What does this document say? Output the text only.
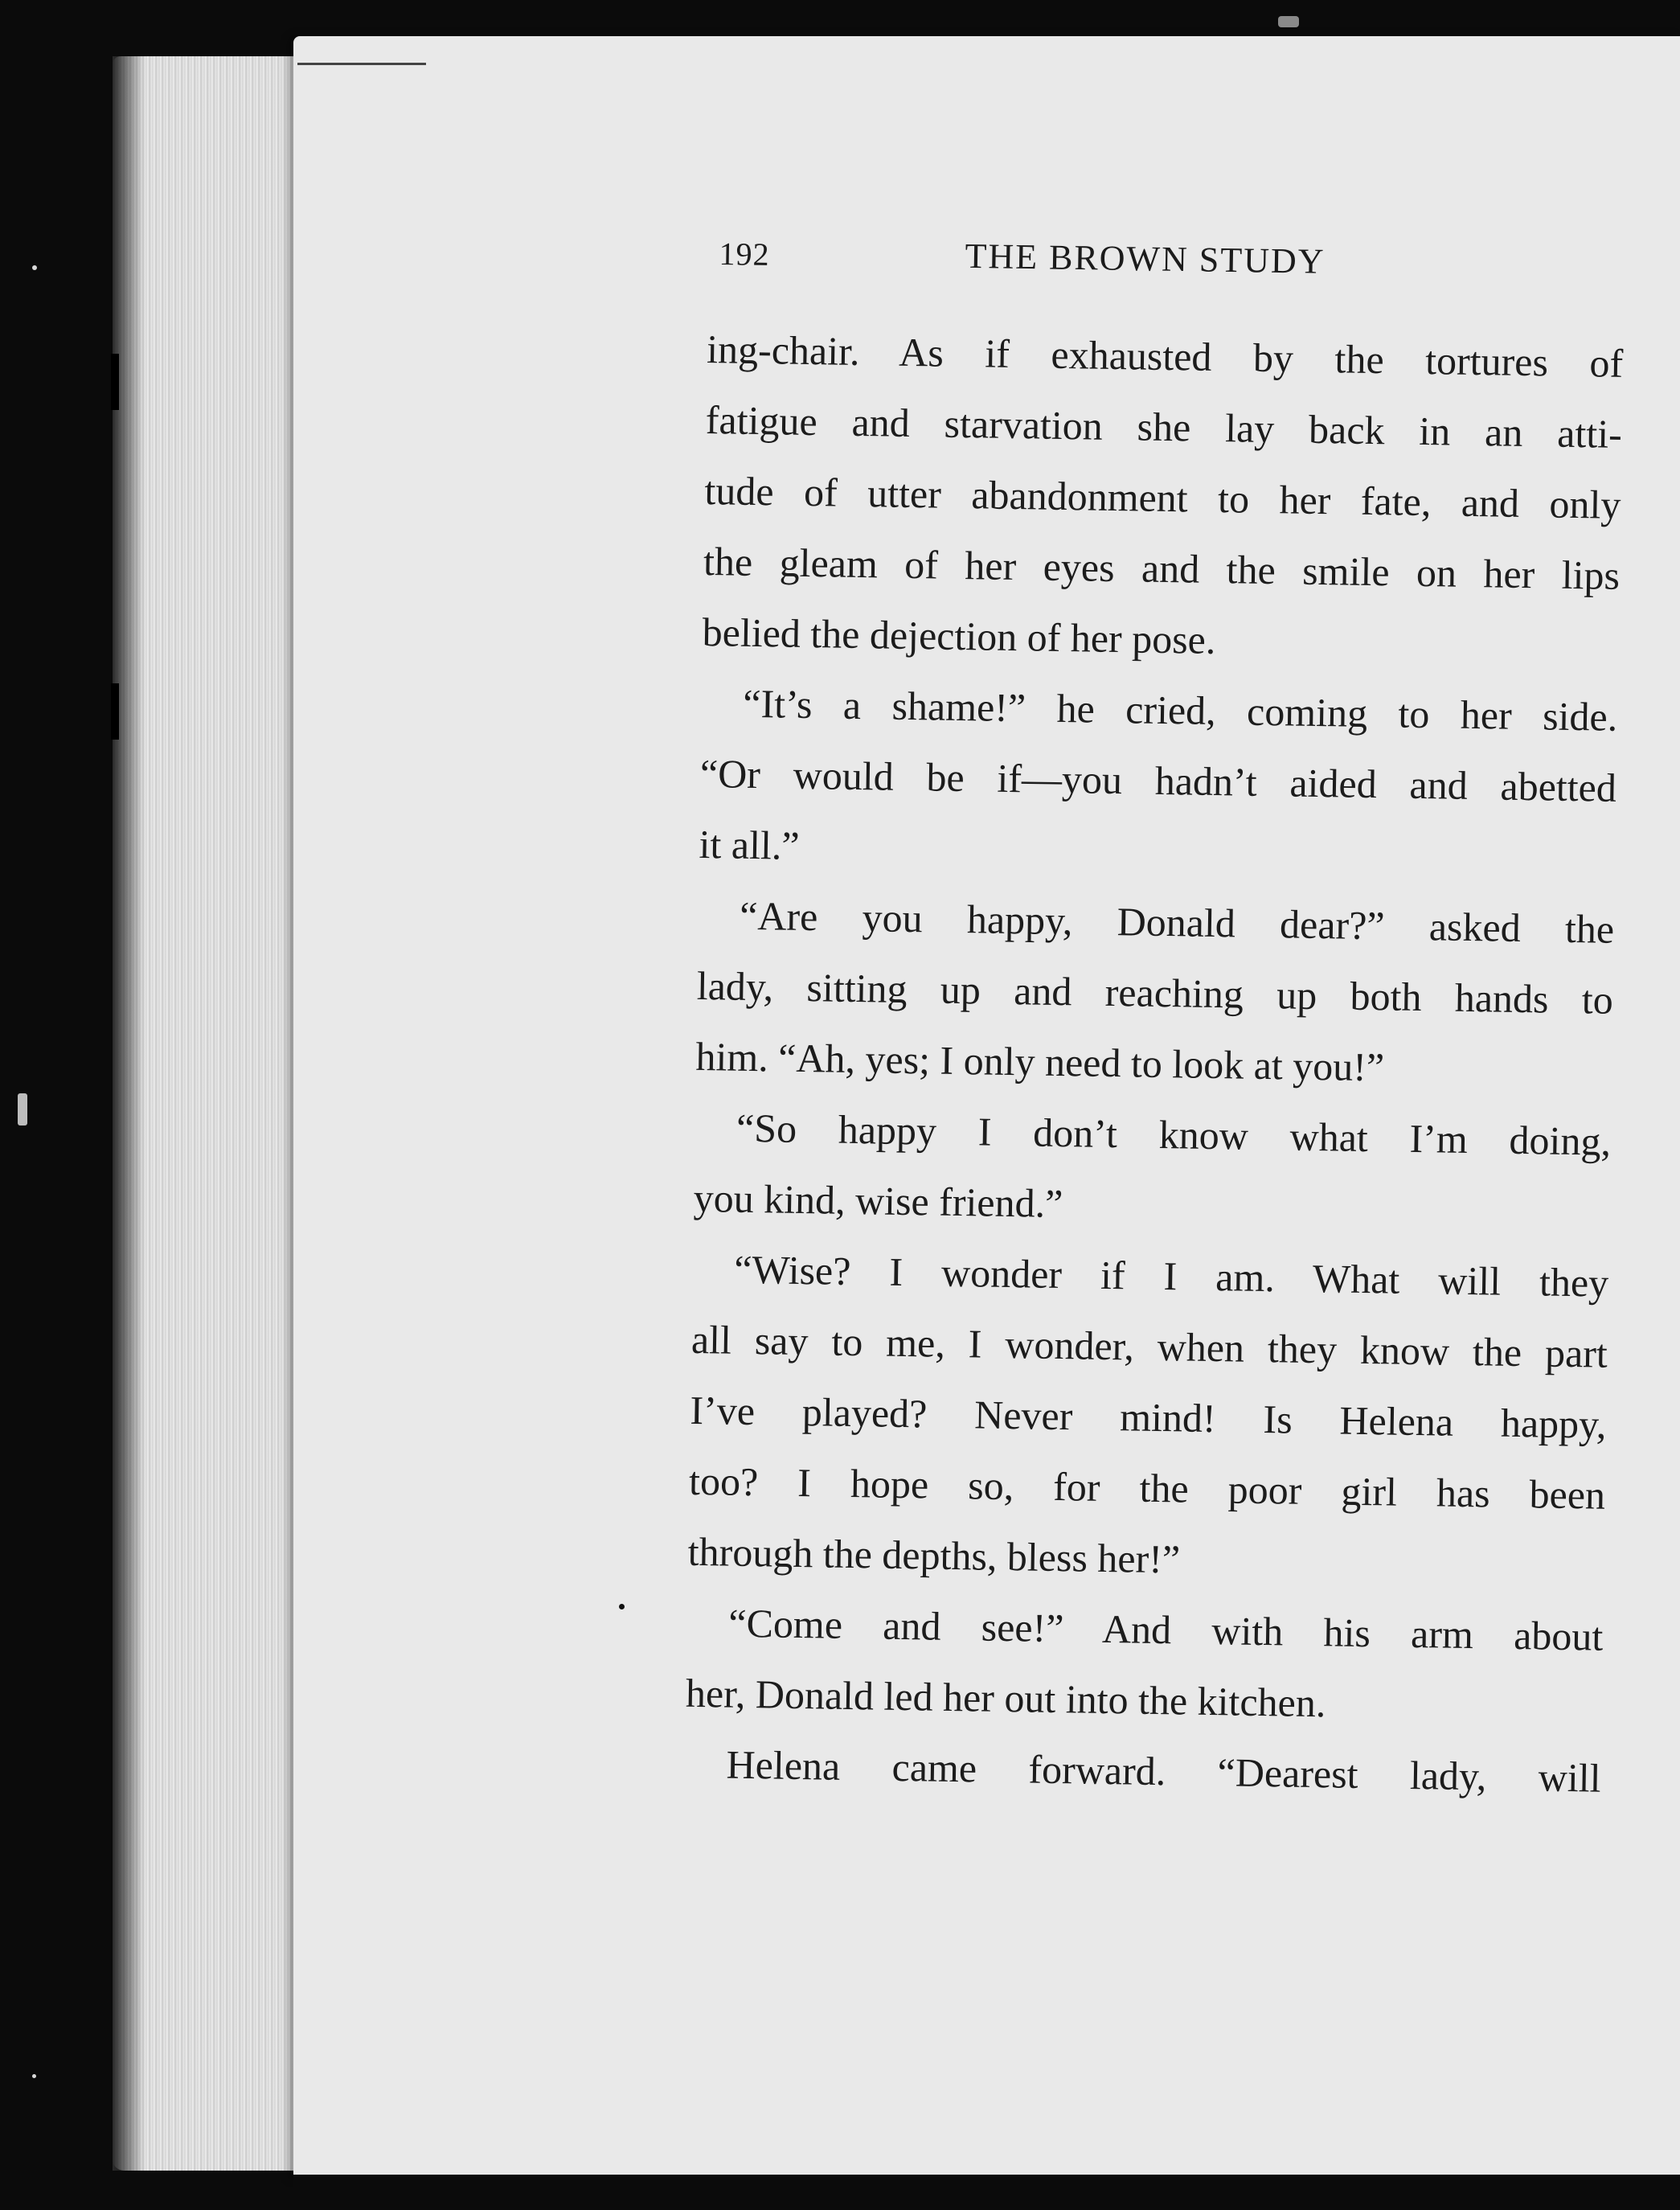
192	THE BROWN STUDY
ing-chair. As if exhausted by the tortures of
fatigue and starvation she lay back in an atti-
tude of utter abandonment to her fate, and only
the gleam of her eyes and the smile on her lips
belied the dejection of her pose.
“It’s a shame!” he cried, coming to her side.
“Or would be if—you hadn’t aided and abetted
it all.”
“Are you happy, Donald dear?” asked the
lady, sitting up and reaching up both hands to
him. “Ah, yes; I only need to look at you!”
“So happy I don’t know what I’m doing,
you kind, wise friend.”
“Wise? I wonder if I am. What will they
all say to me, I wonder, when they know the part
I’ve played? Never mind! Is Helena happy,
too? I hope so, for the poor girl has been
through the depths, bless her!”
“Come and see!” And with his arm about
her, Donald led her out into the kitchen.
Helena came forward. “Dearest lady, will
